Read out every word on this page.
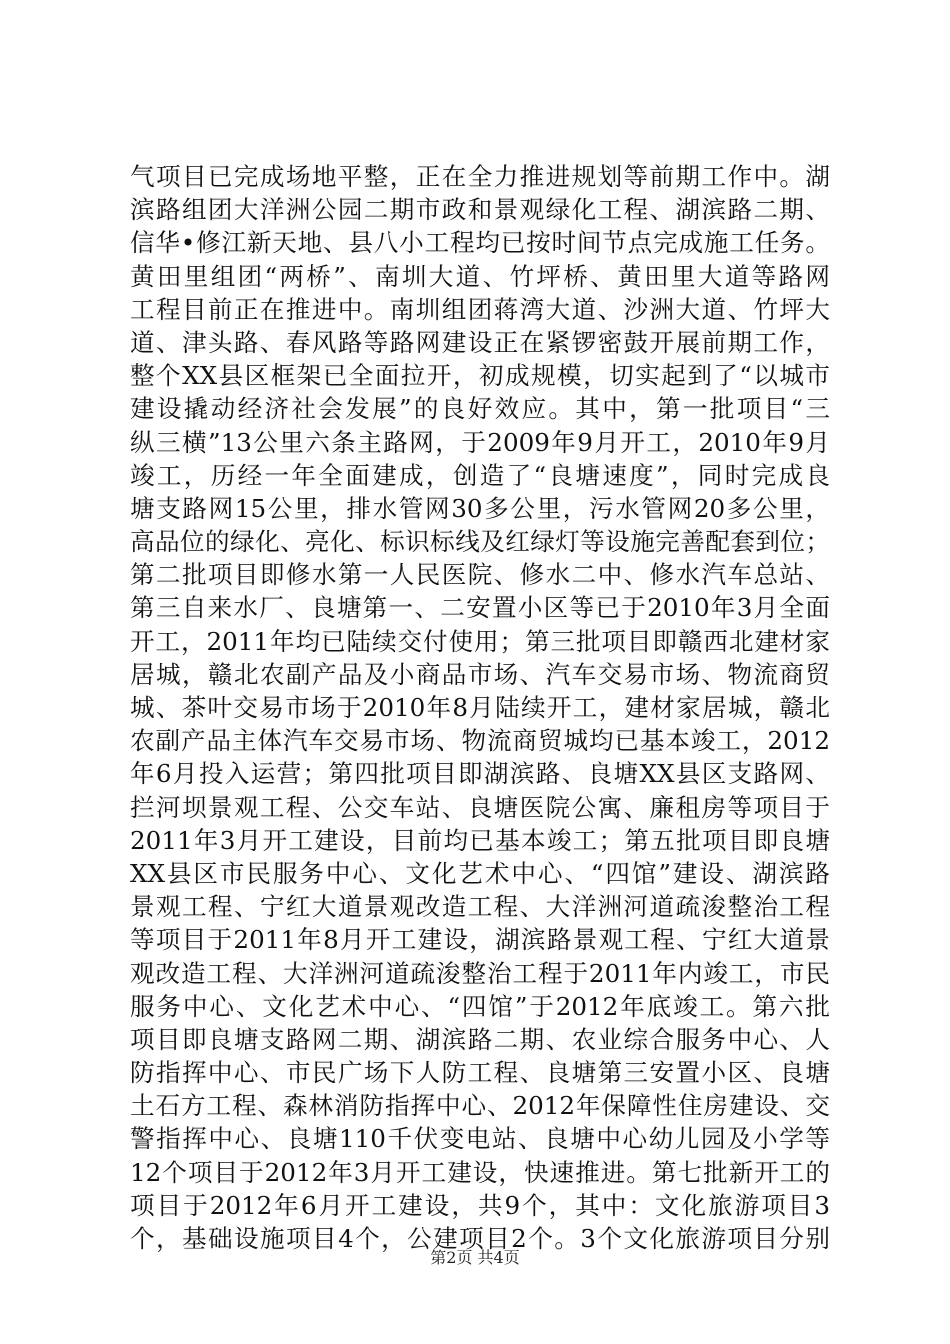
气项目已完成场地平整，正在全力推进规划等前期工作中。湖
滨路组团大洋洲公园二期市政和景观绿化工程、湖滨路二期、
信华•修江新天地、县八小工程均已按时间节点完成施工任务。
黄田里组团“两桥”、南圳大道、竹坪桥、黄田里大道等路网
工程目前正在推进中。南圳组团蒋湾大道、沙洲大道、竹坪大
道、津头路、春风路等路网建设正在紧锣密鼓开展前期工作，
整个XX县区框架已全面拉开，初成规模，切实起到了“以城市
建设撬动经济社会发展”的良好效应。其中，第一批项目“三
纵三横”13公里六条主路网，于2009年9月开工，2010年9月
竣工，历经一年全面建成，创造了“良塘速度”，同时完成良
塘支路网15公里，排水管网30多公里，污水管网20多公里，
高品位的绿化、亮化、标识标线及红绿灯等设施完善配套到位；
第二批项目即修水第一人民医院、修水二中、修水汽车总站、
第三自来水厂、良塘第一、二安置小区等已于2010年3月全面
开工，2011年均已陆续交付使用；第三批项目即赣西北建材家
居城，赣北农副产品及小商品市场、汽车交易市场、物流商贸
城、茶叶交易市场于2010年8月陆续开工，建材家居城，赣北
农副产品主体汽车交易市场、物流商贸城均已基本竣工，2012
年6月投入运营；第四批项目即湖滨路、良塘XX县区支路网、
拦河坝景观工程、公交车站、良塘医院公寓、廉租房等项目于
2011年3月开工建设，目前均已基本竣工；第五批项目即良塘
XX县区市民服务中心、文化艺术中心、“四馆”建设、湖滨路
景观工程、宁红大道景观改造工程、大洋洲河道疏浚整治工程
等项目于2011年8月开工建设，湖滨路景观工程、宁红大道景
观改造工程、大洋洲河道疏浚整治工程于2011年内竣工，市民
服务中心、文化艺术中心、“四馆”于2012年底竣工。第六批
项目即良塘支路网二期、湖滨路二期、农业综合服务中心、人
防指挥中心、市民广场下人防工程、良塘第三安置小区、良塘
土石方工程、森林消防指挥中心、2012年保障性住房建设、交
警指挥中心、良塘110千伏变电站、良塘中心幼儿园及小学等
12个项目于2012年3月开工建设，快速推进。第七批新开工的
项目于2012年6月开工建设，共9个，其中：文化旅游项目3
个，基础设施项目4个，公建项目2个。3个文化旅游项目分别
第2页 共4页
